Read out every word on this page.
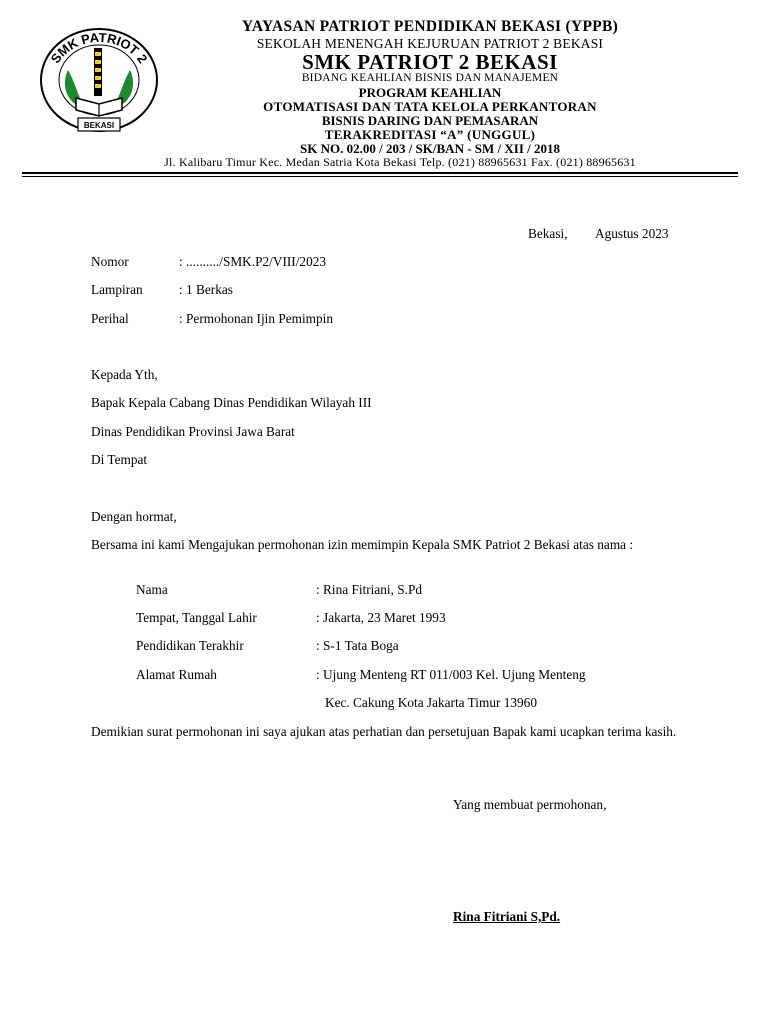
SMK PATRIOT 2
BEKASI
YAYASAN PATRIOT PENDIDIKAN BEKASI (YPPB)
SEKOLAH MENENGAH KEJURUAN PATRIOT 2 BEKASI
SMK PATRIOT 2 BEKASI
BIDANG KEAHLIAN BISNIS DAN MANAJEMEN
PROGRAM KEAHLIAN
OTOMATISASI DAN TATA KELOLA PERKANTORAN
BISNIS DARING DAN PEMASARAN
TERAKREDITASI “A” (UNGGUL)
SK NO. 02.00 / 203 / SK/BAN - SM / XII / 2018
Jl. Kalibaru Timur Kec. Medan Satria Kota Bekasi Telp. (021) 88965631 Fax. (021) 88965631
Bekasi, Agustus 2023
Nomor	: ........../SMK.P2/VIII/2023
Lampiran	: 1 Berkas
Perihal	: Permohonan Ijin Pemimpin
Kepada Yth,
Bapak Kepala Cabang Dinas Pendidikan Wilayah III
Dinas Pendidikan Provinsi Jawa Barat
Di Tempat
Dengan hormat,
Bersama ini kami Mengajukan permohonan izin memimpin Kepala SMK Patriot 2 Bekasi atas nama :
Nama	: Rina Fitriani, S.Pd
Tempat, Tanggal Lahir	: Jakarta, 23 Maret 1993
Pendidikan Terakhir	: S-1 Tata Boga
Alamat Rumah	: Ujung Menteng RT 011/003 Kel. Ujung Menteng
Kec. Cakung Kota Jakarta Timur 13960
Demikian surat permohonan ini saya ajukan atas perhatian dan persetujuan Bapak kami ucapkan terima kasih.
Yang membuat permohonan,
Rina Fitriani S,Pd.
